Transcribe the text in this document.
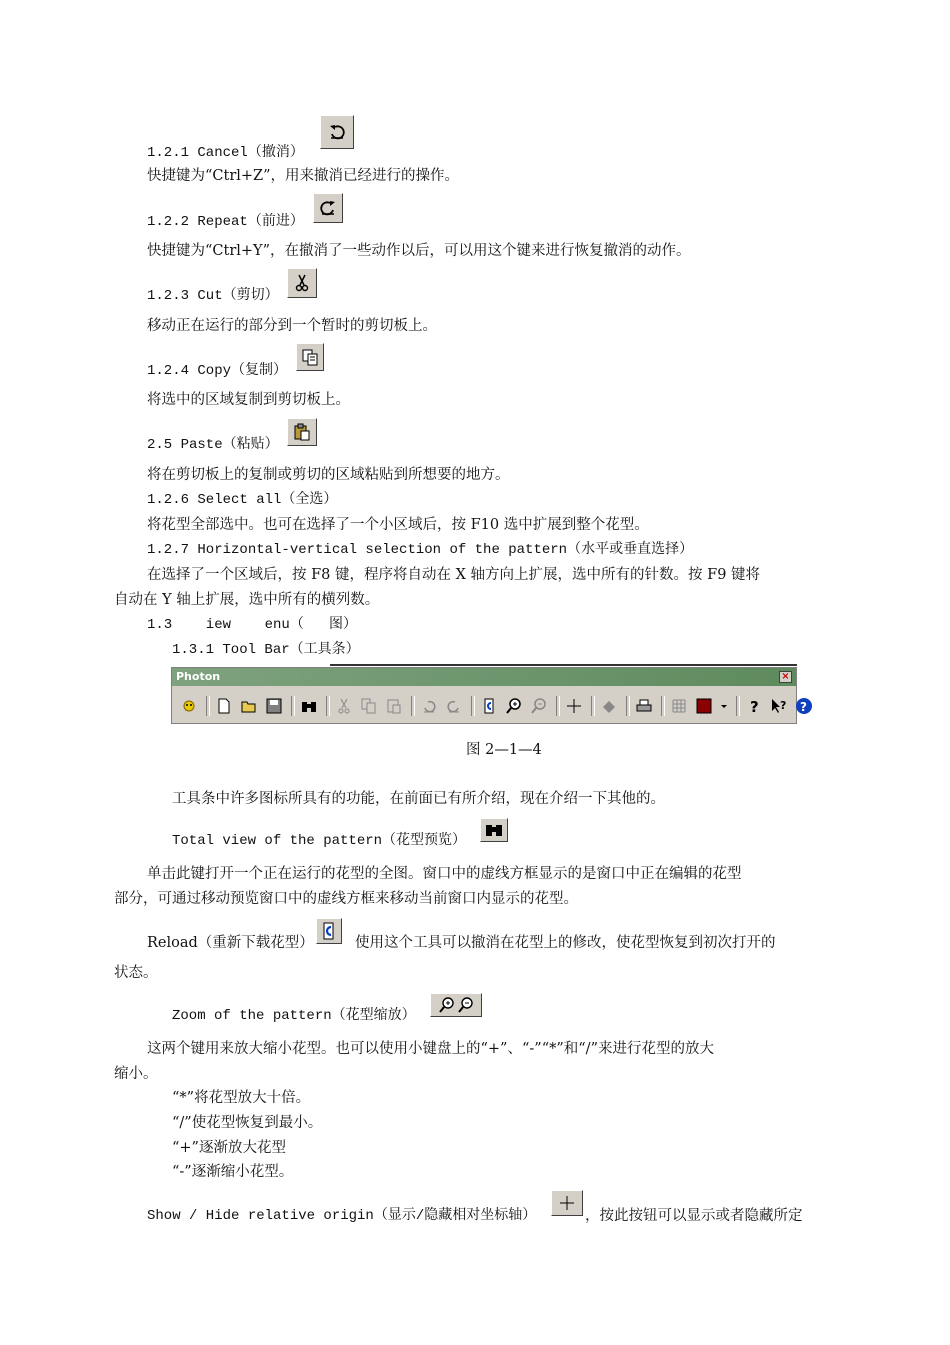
1.2.1 Cancel（撤消）
快捷键为“Ctrl+Z”，用来撤消已经进行的操作。
1.2.2 Repeat（前进）
快捷键为“Ctrl+Y”，在撤消了一些动作以后，可以用这个键来进行恢复撤消的动作。
1.2.3 Cut（剪切）
移动正在运行的部分到一个暂时的剪切板上。
1.2.4 Copy（复制）
将选中的区域复制到剪切板上。
2.5 Paste（粘贴）
将在剪切板上的复制或剪切的区域粘贴到所想要的地方。
1.2.6 Select all（全选）
将花型全部选中。也可在选择了一个小区域后，按 F10 选中扩展到整个花型。
1.2.7 Horizontal-vertical selection of the pattern（水平或垂直选择）
在选择了一个区域后，按 F8 键，程序将自动在 X 轴方向上扩展，选中所有的针数。按 F9 键将
自动在 Y 轴上扩展，选中所有的横列数。
1.3    iew    enu（   图）
1.3.1 Tool Bar（工具条）
Photon	×
? ? ?
图 2—1—4
工具条中许多图标所具有的功能，在前面已有所介绍，现在介绍一下其他的。
Total view of the pattern（花型预览）
单击此键打开一个正在运行的花型的全图。窗口中的虚线方框显示的是窗口中正在编辑的花型
部分，可通过移动预览窗口中的虚线方框来移动当前窗口内显示的花型。
Reload（重新下载花型）	使用这个工具可以撤消在花型上的修改，使花型恢复到初次打开的
状态。
Zoom of the pattern（花型缩放）
这两个键用来放大缩小花型。也可以使用小键盘上的“+”、“-”“*”和“/”来进行花型的放大
缩小。
“*”将花型放大十倍。
“/”使花型恢复到最小。
“+”逐渐放大花型
“-”逐渐缩小花型。
Show / Hide relative origin（显示/隐藏相对坐标轴）	，按此按钮可以显示或者隐藏所定
